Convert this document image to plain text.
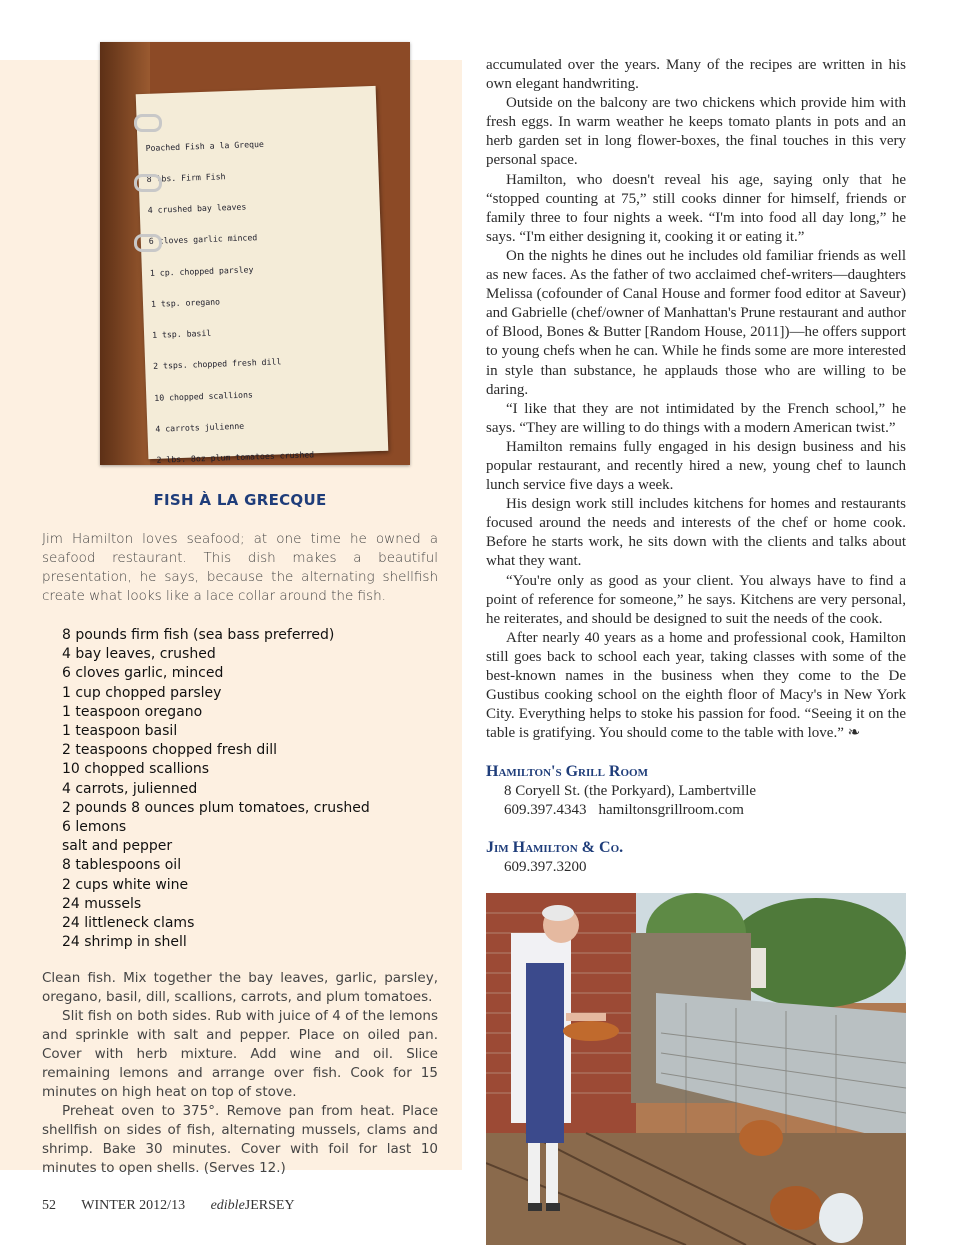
Poached Fish a la Greque

8 lbs. Firm Fish

4 crushed bay leaves

6 cloves garlic minced

1 cp. chopped parsley

1 tsp. oregano

1 tsp. basil

2 tsps. chopped fresh dill

10 chopped scallions

4 carrots julienne

2 lbs. 8oz plum tomatoes crushed

FISH À LA GRECQUE
Jim Hamilton loves seafood; at one time he owned a seafood restaurant. This dish makes a beautiful presentation, he says, because the alternating shellfish create what looks like a lace collar around the fish.
8 pounds firm fish (sea bass preferred)
4 bay leaves, crushed
6 cloves garlic, minced
1 cup chopped parsley
1 teaspoon oregano
1 teaspoon basil
2 teaspoons chopped fresh dill
10 chopped scallions
4 carrots, julienned
2 pounds 8 ounces plum tomatoes, crushed
6 lemons
salt and pepper
8 tablespoons oil
2 cups white wine
24 mussels
24 littleneck clams
24 shrimp in shell

Clean fish. Mix together the bay leaves, garlic, parsley, oregano, basil, dill, scallions, carrots, and plum tomatoes.

Slit fish on both sides. Rub with juice of 4 of the lemons and sprinkle with salt and pepper. Place on oiled pan. Cover with herb mixture. Add wine and oil. Slice remaining lemons and arrange over fish. Cook for 15 minutes on high heat on top of stove.

Preheat oven to 375°. Remove pan from heat. Place shellfish on sides of fish, alternating mussels, clams and shrimp. Bake 30 minutes. Cover with foil for last 10 minutes to open shells. (Serves 12.)

52 WINTER 2012/13 edibleJERSEY

accumulated over the years. Many of the recipes are written in his own elegant handwriting.

Outside on the balcony are two chickens which provide him with fresh eggs. In warm weather he keeps tomato plants in pots and an herb garden set in long flower-boxes, the final touches in this very personal space.

Hamilton, who doesn't reveal his age, saying only that he “stopped counting at 75,” still cooks dinner for himself, friends or family three to four nights a week. “I'm into food all day long,” he says. “I'm either designing it, cooking it or eating it.”

On the nights he dines out he includes old familiar friends as well as new faces. As the father of two acclaimed chef-writers—daughters Melissa (cofounder of Canal House and former food editor at Saveur) and Gabrielle (chef/owner of Manhattan's Prune restaurant and author of Blood, Bones & Butter [Random House, 2011])—he offers support to young chefs when he can. While he finds some are more interested in style than substance, he applauds those who are willing to be daring.

“I like that they are not intimidated by the French school,” he says. “They are willing to do things with a modern American twist.”

Hamilton remains fully engaged in his design business and his popular restaurant, and recently hired a new, young chef to launch lunch service five days a week.

His design work still includes kitchens for homes and restaurants focused around the needs and interests of the chef or home cook. Before he starts work, he sits down with the clients and talks about what they want.

“You're only as good as your client. You always have to find a point of reference for someone,” he says. Kitchens are very personal, he reiterates, and should be designed to suit the needs of the cook.

After nearly 40 years as a home and professional cook, Hamilton still goes back to school each year, taking classes with some of the best-known names in the business when they come to the De Gustibus cooking school on the eighth floor of Macy's in New York City. Everything helps to stoke his passion for food. “Seeing it on the table is gratifying. You should come to the table with love.” ❧

Hamilton's Grill Room
8 Coryell St. (the Porkyard), Lambertville
609.397.4343 hamiltonsgrillroom.com
Jim Hamilton & Co.
609.397.3200
